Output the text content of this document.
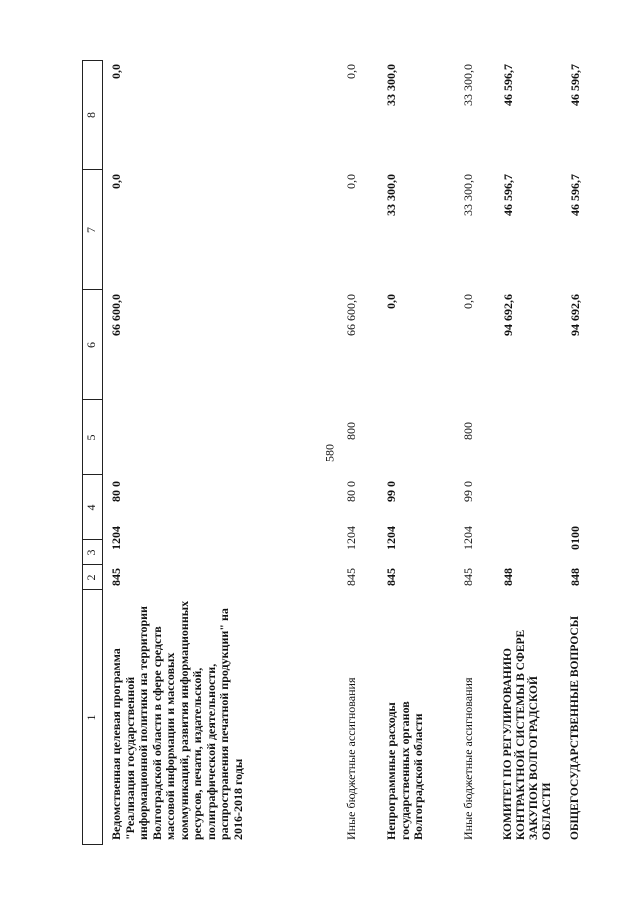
580
1
2
3
4
5
6
7
8
Ведомственная целевая программа "Реализация государственной информационной политики на территории Волгоградской области в сфере средств массовой информации и массовых коммуникаций, развития информационных ресурсов, печати, издательской, полиграфической деятельности, распространения печатной продукции" на 2016-2018 годы
845
1204
80 0
66 600,0
0,0
0,0
Иные бюджетные ассигнования
845
1204
80 0
800
66 600,0
0,0
0,0
Непрограммные расходы государственных органов Волгоградской области
845
1204
99 0
0,0
33 300,0
33 300,0
Иные бюджетные ассигнования
845
1204
99 0
800
0,0
33 300,0
33 300,0
КОМИТЕТ ПО РЕГУЛИРОВАНИЮ КОНТРАКТНОЙ СИСТЕМЫ В СФЕРЕ ЗАКУПОК ВОЛГОГРАДСКОЙ ОБЛАСТИ
848
94 692,6
46 596,7
46 596,7
ОБЩЕГОСУДАРСТВЕННЫЕ ВОПРОСЫ
848
0100
94 692,6
46 596,7
46 596,7
